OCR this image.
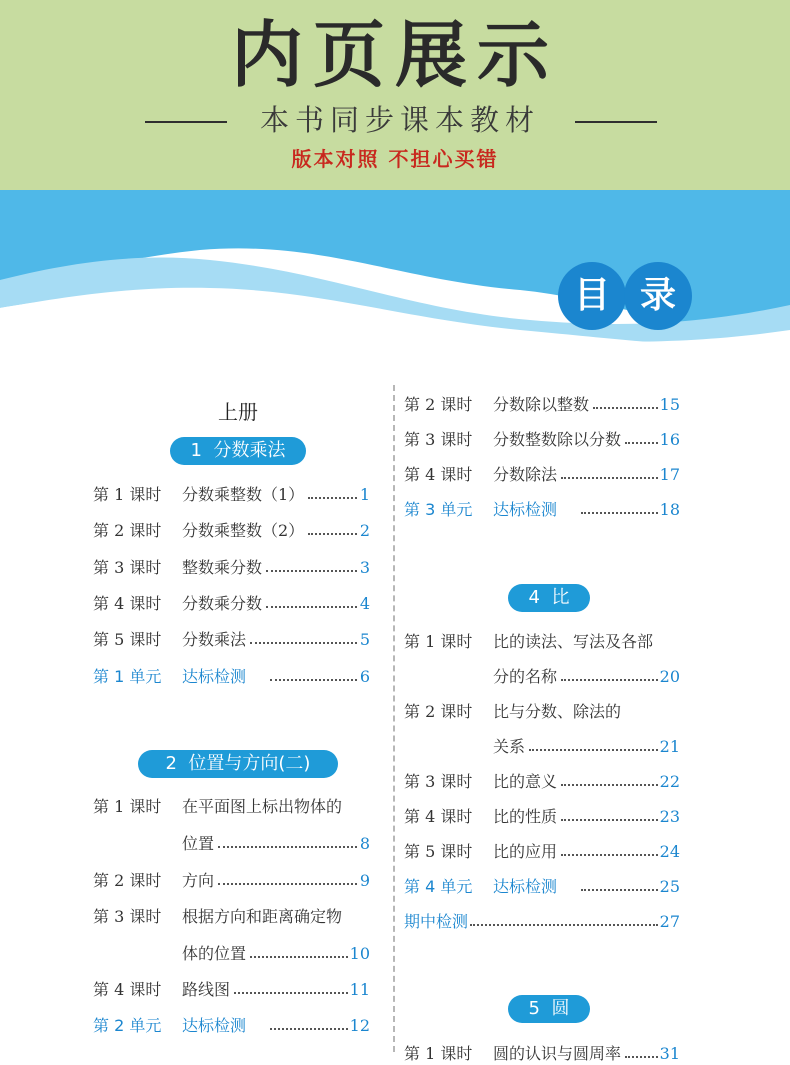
内页展示
本书同步课本教材
版本对照 不担心买错
目 录
上册
1  分数乘法
第 1 课时 分数乘整数（1）	1
第 2 课时 分数乘整数（2）	2
第 3 课时 整数乘分数	3
第 4 课时 分数乘分数	4
第 5 课时 分数乘法	5
第 1 单元 达标检测	6
第 1 课时 在平面图上标出物体的
位置	8
第 2 课时 方向	9
第 3 课时 根据方向和距离确定物
体的位置	10
第 4 课时 路线图	11
第 2 单元 达标检测	12
2  位置与方向(二)
第 2 课时 分数除以整数	15
第 3 课时 分数整数除以分数	16
第 4 课时 分数除法	17
第 3 单元 达标检测	18
第 1 课时 比的读法、写法及各部
分的名称	20
第 2 课时 比与分数、除法的
关系	21
第 3 课时 比的意义	22
第 4 课时 比的性质	23
第 5 课时 比的应用	24
第 4 单元 达标检测	25
期中检测	27
第 1 课时 圆的认识与圆周率	31
4  比
5  圆
